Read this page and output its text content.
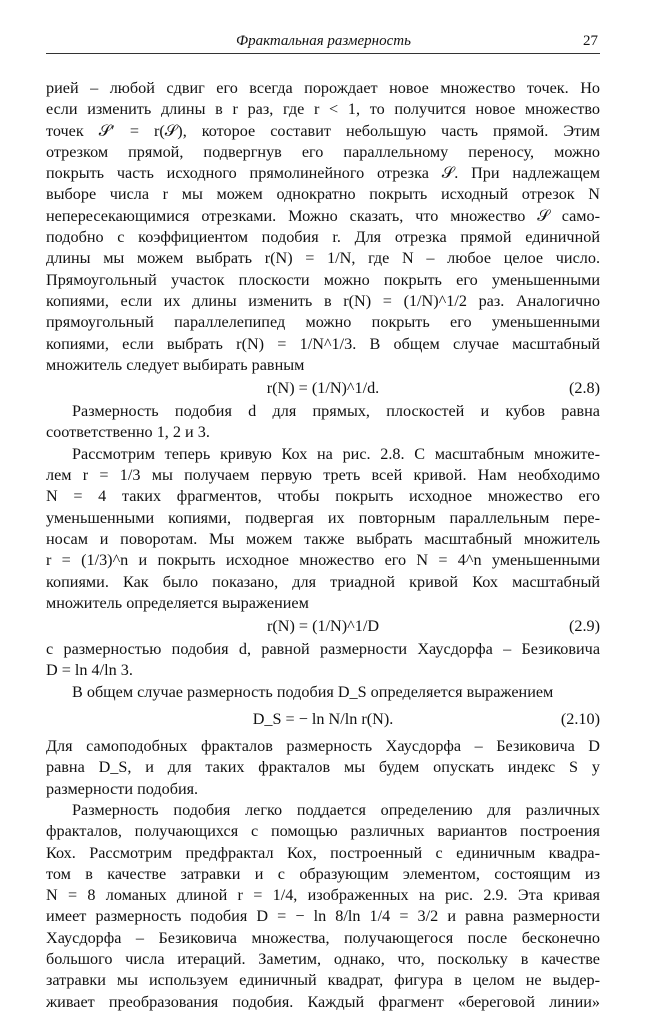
Фрактальная размерность	27
рией – любой сдвиг его всегда порождает новое множество точек. Но
если изменить длины в r раз, где r < 1, то получится новое множество
точек 𝒮′ = r(𝒮), которое составит небольшую часть прямой. Этим
отрезком прямой, подвергнув его параллельному переносу, можно
покрыть часть исходного прямолинейного отрезка 𝒮. При надлежащем
выборе числа r мы можем однократно покрыть исходный отрезок N
непересекающимися отрезками. Можно сказать, что множество 𝒮 само-
подобно с коэффициентом подобия r. Для отрезка прямой единичной
длины мы можем выбрать r(N) = 1/N, где N – любое целое число.
Прямоугольный участок плоскости можно покрыть его уменьшенными
копиями, если их длины изменить в r(N) = (1/N)^1/2 раз. Аналогично
прямоугольный параллелепипед можно покрыть его уменьшенными
копиями, если выбрать r(N) = 1/N^1/3. В общем случае масштабный
множитель следует выбирать равным
r(N) = (1/N)^1/d.	(2.8)
Размерность подобия d для прямых, плоскостей и кубов равна
соответственно 1, 2 и 3.
Рассмотрим теперь кривую Кох на рис. 2.8. С масштабным множите-
лем r = 1/3 мы получаем первую треть всей кривой. Нам необходимо
N = 4 таких фрагментов, чтобы покрыть исходное множество его
уменьшенными копиями, подвергая их повторным параллельным пере-
носам и поворотам. Мы можем также выбрать масштабный множитель
r = (1/3)^n и покрыть исходное множество его N = 4^n уменьшенными
копиями. Как было показано, для триадной кривой Кох масштабный
множитель определяется выражением
r(N) = (1/N)^1/D	(2.9)
с размерностью подобия d, равной размерности Хаусдорфа – Безиковича
D = ln 4/ln 3.
В общем случае размерность подобия D_S определяется выражением
D_S = − ln N/ln r(N).	(2.10)
Для самоподобных фракталов размерность Хаусдорфа – Безиковича D
равна D_S, и для таких фракталов мы будем опускать индекс S у
размерности подобия.
Размерность подобия легко поддается определению для различных
фракталов, получающихся с помощью различных вариантов построения
Кох. Рассмотрим предфрактал Кох, построенный с единичным квадра-
том в качестве затравки и с образующим элементом, состоящим из
N = 8 ломаных длиной r = 1/4, изображенных на рис. 2.9. Эта кривая
имеет размерность подобия D = − ln 8/ln 1/4 = 3/2 и равна размерности
Хаусдорфа – Безиковича множества, получающегося после бесконечно
большого числа итераций. Заметим, однако, что, поскольку в качестве
затравки мы используем единичный квадрат, фигура в целом не выдер-
живает преобразования подобия. Каждый фрагмент «береговой линии»
